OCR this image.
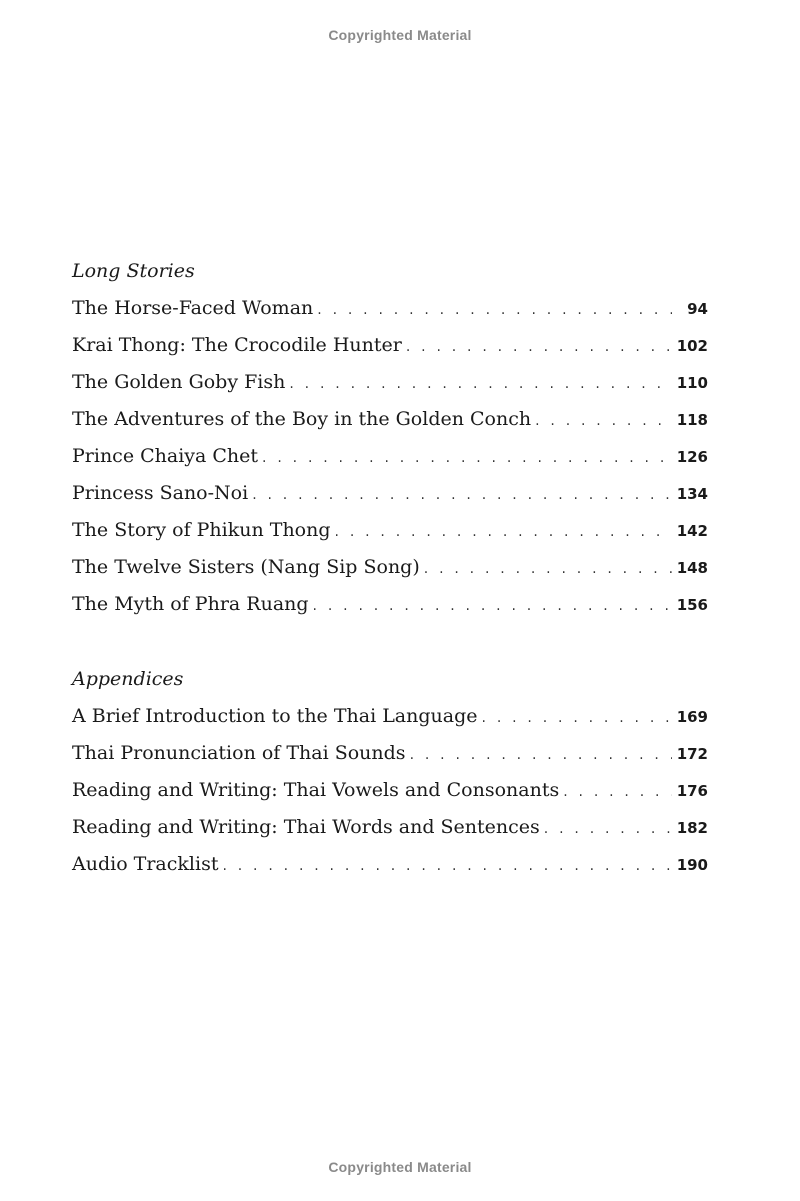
Copyrighted Material
Long Stories
The Horse-Faced Woman . . .	94
Krai Thong: The Crocodile Hunter . . .	102
The Golden Goby Fish . . .	110
The Adventures of the Boy in the Golden Conch . . .	118
Prince Chaiya Chet . . .	126
Princess Sano-Noi . . .	134
The Story of Phikun Thong . . .	142
The Twelve Sisters (Nang Sip Song) . . .	148
The Myth of Phra Ruang . . .	156
Appendices
A Brief Introduction to the Thai Language . . .	169
Thai Pronunciation of Thai Sounds . . .	172
Reading and Writing: Thai Vowels and Consonants . . .	176
Reading and Writing: Thai Words and Sentences . . .	182
Audio Tracklist . . .	190
Copyrighted Material
